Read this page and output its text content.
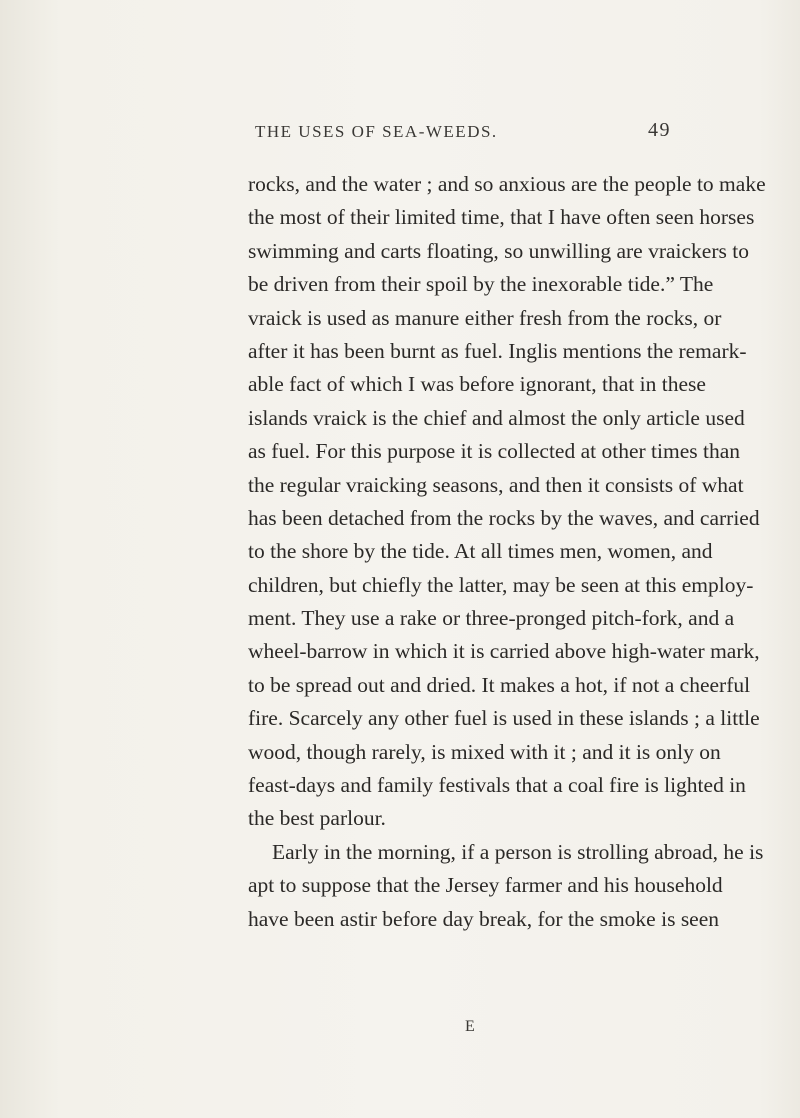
THE USES OF SEA-WEEDS.	49
rocks, and the water ; and so anxious are the people to make
the most of their limited time, that I have often seen horses
swimming and carts floating, so unwilling are vraickers to
be driven from their spoil by the inexorable tide.” The
vraick is used as manure either fresh from the rocks, or
after it has been burnt as fuel. Inglis mentions the remark-
able fact of which I was before ignorant, that in these
islands vraick is the chief and almost the only article used
as fuel. For this purpose it is collected at other times than
the regular vraicking seasons, and then it consists of what
has been detached from the rocks by the waves, and carried
to the shore by the tide. At all times men, women, and
children, but chiefly the latter, may be seen at this employ-
ment. They use a rake or three-pronged pitch-fork, and a
wheel-barrow in which it is carried above high-water mark,
to be spread out and dried. It makes a hot, if not a cheerful
fire. Scarcely any other fuel is used in these islands ; a little
wood, though rarely, is mixed with it ; and it is only on
feast-days and family festivals that a coal fire is lighted in
the best parlour.
Early in the morning, if a person is strolling abroad, he is
apt to suppose that the Jersey farmer and his household
have been astir before day break, for the smoke is seen
E
